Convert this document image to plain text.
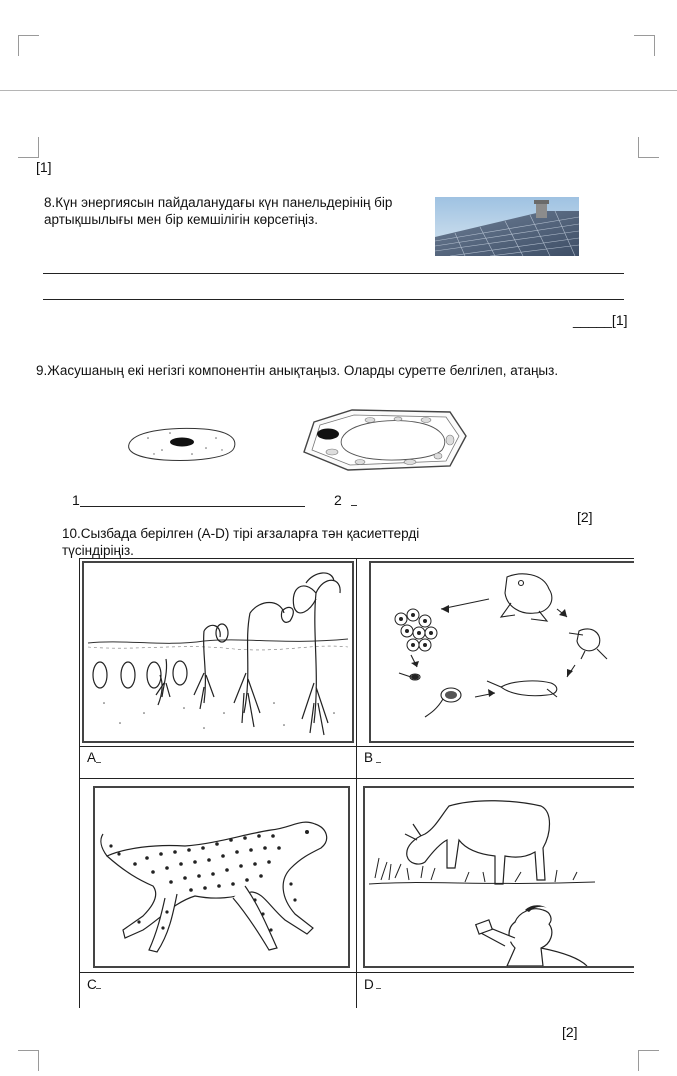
[1]
8.Күн энергиясын пайдаланудағы күн панельдерінің бір
артықшылығы мен бір кемшілігін көрсетіңіз.
_____[1]
9.Жасушаның екі негізгі компонентін анықтаңыз. Оларды суретте белгілеп, атаңыз.
1	2
[2]
10.Сызбада берілген (А-D) тірі ағзаларға тән қасиеттерді
түсіндіріңіз.
A	B
C	D
[2]
